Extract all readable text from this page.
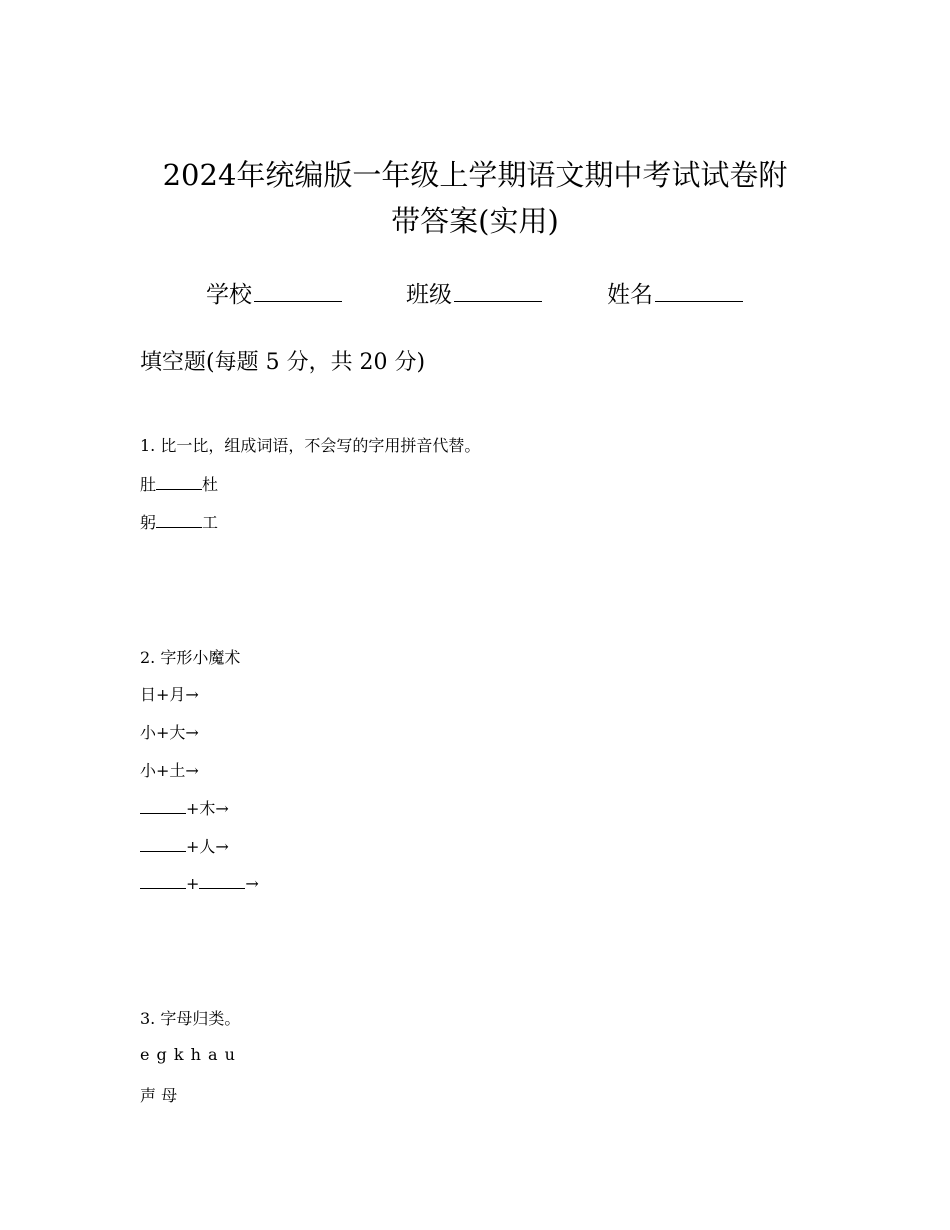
2024年统编版一年级上学期语文期中考试试卷附
带答案(实用)
学校	班级	姓名
填空题(每题 5 分，共 20 分)
1. 比一比，组成词语，不会写的字用拼音代替。
肚	杜
躬	工
2. 字形小魔术
日+月→
小+大→
小+土→
+木→
+人→
+	→
3. 字母归类。
e g k h a u
声 母
